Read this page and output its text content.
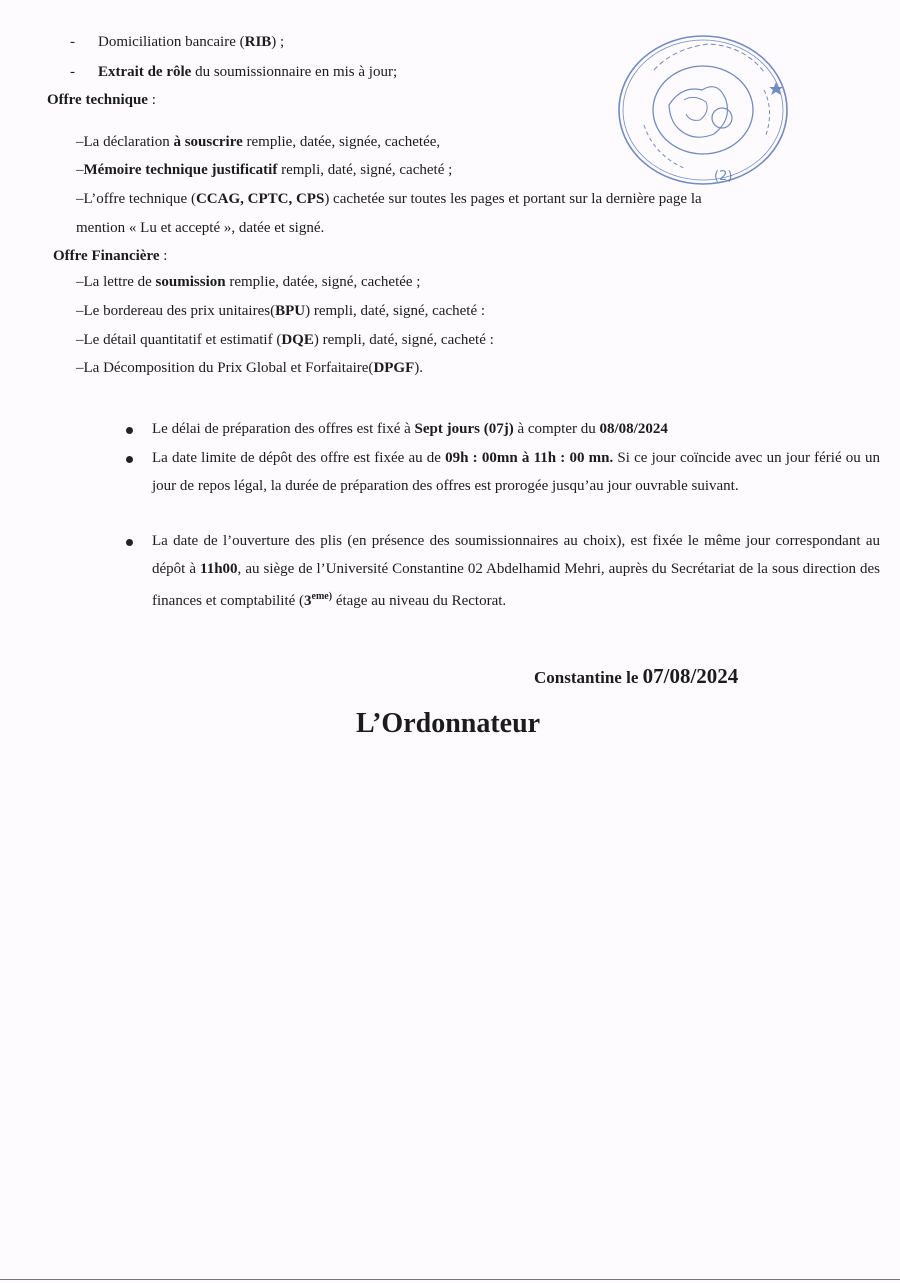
- Domiciliation bancaire (RIB) ;
- Extrait de rôle du soumissionnaire en mis à jour;
Offre technique :
–La déclaration à souscrire remplie, datée, signée, cachetée,
–Mémoire technique justificatif rempli, daté, signé, cacheté ;
–L’offre technique (CCAG, CPTC, CPS) cachetée sur toutes les pages et portant sur la dernière page la
mention « Lu et accepté », datée et signé.
Offre Financière :
–La lettre de soumission remplie, datée, signé, cachetée ;
–Le bordereau des prix unitaires(BPU) rempli, daté, signé, cacheté :
–Le détail quantitatif et estimatif (DQE) rempli, daté, signé, cacheté :
–La Décomposition du Prix Global et Forfaitaire(DPGF).
Le délai de préparation des offres est fixé à Sept jours (07j) à compter du 08/08/2024
La date limite de dépôt des offre est fixée au de 09h : 00mn à 11h : 00 mn. Si ce jour coïncide avec un jour férié ou un jour de repos légal, la durée de préparation des offres est prorogée jusqu’au jour ouvrable suivant.
La date de l’ouverture des plis (en présence des soumissionnaires au choix), est fixée le même jour correspondant au dépôt à 11h00, au siège de l’Université Constantine 02 Abdelhamid Mehri, auprès du Secrétariat de la sous direction des finances et comptabilité ($3^{eme)}$ étage au niveau du Rectorat.
Constantine le 07/08/2024
L’Ordonnateur
(2)
